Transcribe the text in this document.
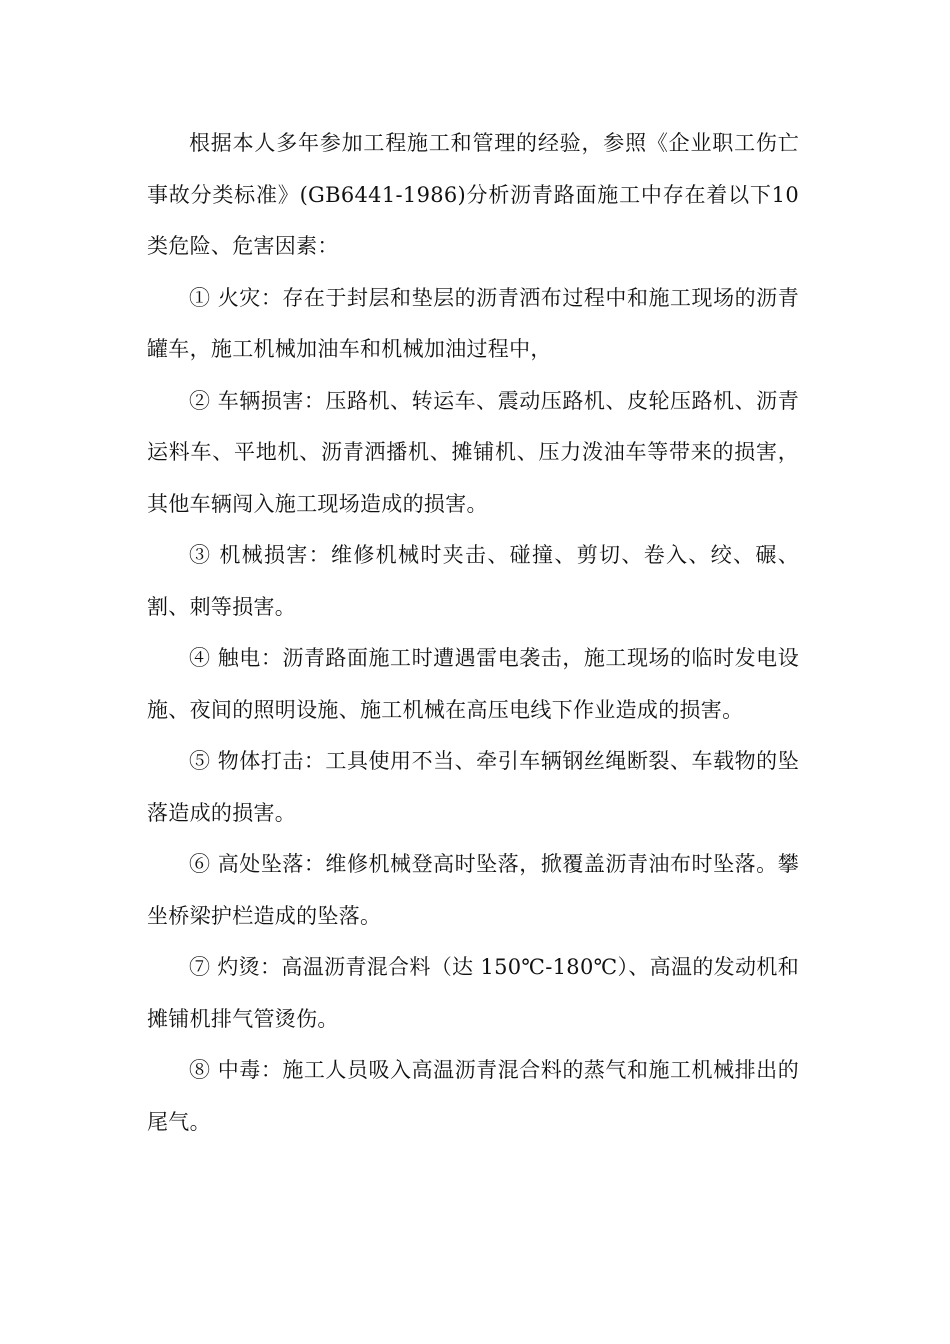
根据本人多年参加工程施工和管理的经验，参照《企业职工伤亡事故分类标准》(GB6441-1986)分析沥青路面施工中存在着以下10类危险、危害因素：

① 火灾：存在于封层和垫层的沥青洒布过程中和施工现场的沥青罐车，施工机械加油车和机械加油过程中，

② 车辆损害：压路机、转运车、震动压路机、皮轮压路机、沥青运料车、平地机、沥青洒播机、摊铺机、压力泼油车等带来的损害，其他车辆闯入施工现场造成的损害。

③ 机械损害：维修机械时夹击、碰撞、剪切、卷入、绞、碾、割、刺等损害。

④ 触电：沥青路面施工时遭遇雷电袭击，施工现场的临时发电设施、夜间的照明设施、施工机械在高压电线下作业造成的损害。

⑤ 物体打击：工具使用不当、牵引车辆钢丝绳断裂、车载物的坠落造成的损害。

⑥ 高处坠落：维修机械登高时坠落，掀覆盖沥青油布时坠落。攀坐桥梁护栏造成的坠落。

⑦ 灼烫：高温沥青混合料（达 150℃-180℃）、高温的发动机和摊铺机排气管烫伤。

⑧ 中毒：施工人员吸入高温沥青混合料的蒸气和施工机械排出的尾气。
